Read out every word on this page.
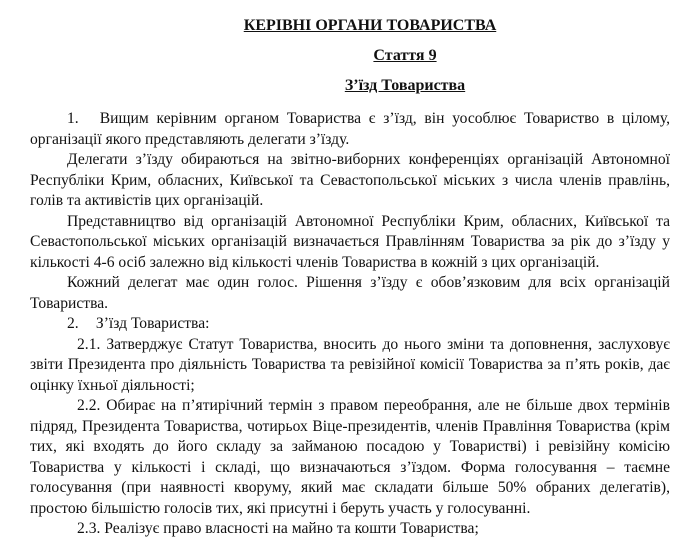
КЕРІВНІ ОРГАНИ ТОВАРИСТВА

Стаття 9

З’їзд Товариства

1. Вищим керівним органом Товариства є з’їзд, він уособлює Товариство в цілому, організації якого представляють делегати з’їзду.

Делегати з’їзду обираються на звітно-виборних конференціях організацій Автономної Республіки Крим, обласних, Київської та Севастопольської міських з числа членів правлінь, голів та активістів цих організацій.

Представництво від організацій Автономної Республіки Крим, обласних, Київської та Севастопольської міських організацій визначається Правлінням Товариства за рік до з’їзду у кількості 4-6 осіб залежно від кількості членів Товариства в кожній з цих організацій.

Кожний делегат має один голос. Рішення з’їзду є обов’язковим для всіх організацій Товариства.

2. З’їзд Товариства:

2.1. Затверджує Статут Товариства, вносить до нього зміни та доповнення, заслуховує звіти Президента про діяльність Товариства та ревізійної комісії Товариства за п’ять років, дає оцінку їхньої діяльності;

2.2. Обирає на п’ятирічний термін з правом переобрання, але не більше двох термінів підряд, Президента Товариства, чотирьох Віце-президентів, членів Правління Товариства (крім тих, які входять до його складу за займаною посадою у Товаристві) і ревізійну комісію Товариства у кількості і складі, що визначаються з’їздом. Форма голосування – таємне голосування (при наявності кворуму, який має складати більше 50% обраних делегатів), простою більшістю голосів тих, які присутні і беруть участь у голосуванні.

2.3. Реалізує право власності на майно та кошти Товариства;
